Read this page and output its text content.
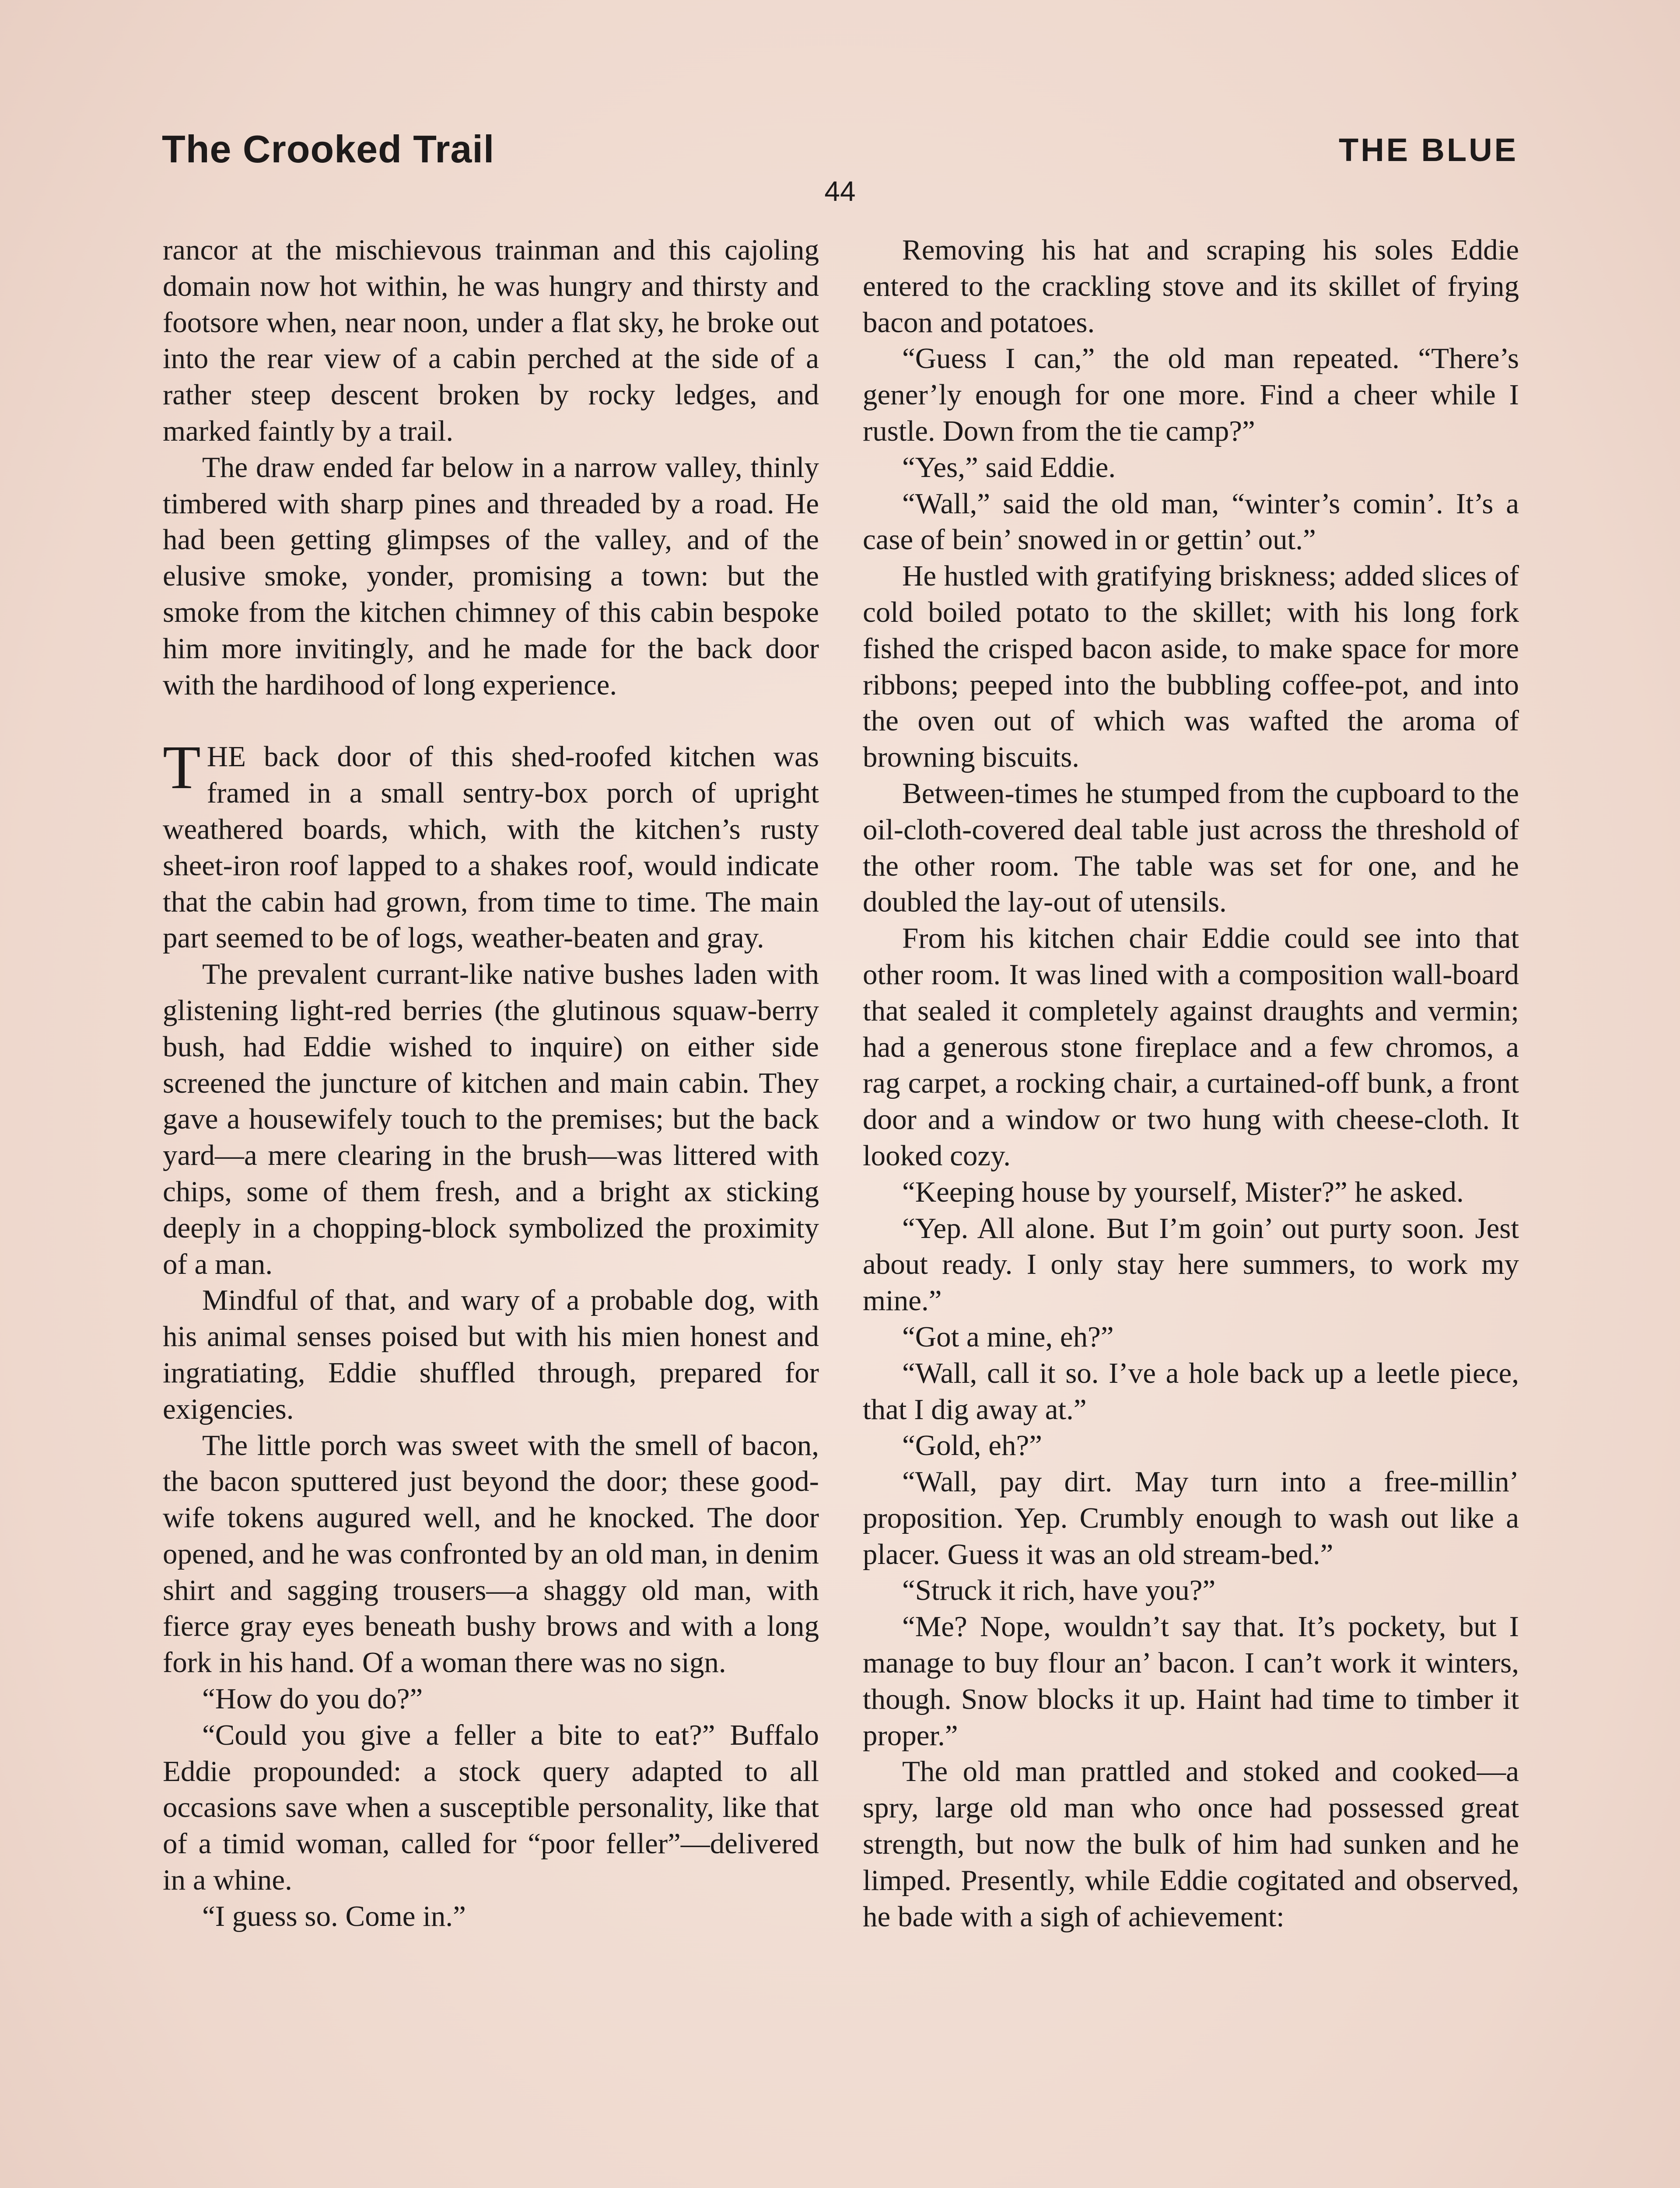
The Crooked Trail	THE BLUE
44

rancor at the mischievous trainman and this cajoling domain now hot within, he was hungry and thirsty and footsore when, near noon, under a flat sky, he broke out into the rear view of a cabin perched at the side of a rather steep descent broken by rocky ledges, and marked faintly by a trail.

The draw ended far below in a narrow valley, thinly timbered with sharp pines and threaded by a road. He had been getting glimpses of the valley, and of the elusive smoke, yonder, promising a town: but the smoke from the kitchen chimney of this cabin bespoke him more invitingly, and he made for the back door with the hardihood of long experience.

THE back door of this shed-roofed kitchen was framed in a small sentry-box porch of upright weathered boards, which, with the kitchen’s rusty sheet-iron roof lapped to a shakes roof, would indicate that the cabin had grown, from time to time. The main part seemed to be of logs, weather-beaten and gray.

The prevalent currant-like native bushes laden with glistening light-red berries (the glutinous squaw-berry bush, had Eddie wished to inquire) on either side screened the juncture of kitchen and main cabin. They gave a housewifely touch to the premises; but the back yard—a mere clearing in the brush—was littered with chips, some of them fresh, and a bright ax sticking deeply in a chopping-block symbolized the proximity of a man.

Mindful of that, and wary of a probable dog, with his animal senses poised but with his mien honest and ingratiating, Eddie shuffled through, prepared for exigencies.

The little porch was sweet with the smell of bacon, the bacon sputtered just beyond the door; these good-wife tokens augured well, and he knocked. The door opened, and he was confronted by an old man, in denim shirt and sagging trousers—a shaggy old man, with fierce gray eyes beneath bushy brows and with a long fork in his hand. Of a woman there was no sign.

“How do you do?”

“Could you give a feller a bite to eat?” Buffalo Eddie propounded: a stock query adapted to all occasions save when a susceptible personality, like that of a timid woman, called for “poor feller”—delivered in a whine.

“I guess so. Come in.”

Removing his hat and scraping his soles Eddie entered to the crackling stove and its skillet of frying bacon and potatoes.

“Guess I can,” the old man repeated. “There’s gener’ly enough for one more. Find a cheer while I rustle. Down from the tie camp?”

“Yes,” said Eddie.

“Wall,” said the old man, “winter’s comin’. It’s a case of bein’ snowed in or gettin’ out.”

He hustled with gratifying briskness; added slices of cold boiled potato to the skillet; with his long fork fished the crisped bacon aside, to make space for more ribbons; peeped into the bubbling coffee-pot, and into the oven out of which was wafted the aroma of browning biscuits.

Between-times he stumped from the cupboard to the oil-cloth-covered deal table just across the threshold of the other room. The table was set for one, and he doubled the lay-out of utensils.

From his kitchen chair Eddie could see into that other room. It was lined with a composition wall-board that sealed it completely against draughts and vermin; had a generous stone fireplace and a few chromos, a rag carpet, a rocking chair, a curtained-off bunk, a front door and a window or two hung with cheese-cloth. It looked cozy.

“Keeping house by yourself, Mister?” he asked.

“Yep. All alone. But I’m goin’ out purty soon. Jest about ready. I only stay here summers, to work my mine.”

“Got a mine, eh?”

“Wall, call it so. I’ve a hole back up a leetle piece, that I dig away at.”

“Gold, eh?”

“Wall, pay dirt. May turn into a free-millin’ proposition. Yep. Crumbly enough to wash out like a placer. Guess it was an old stream-bed.”

“Struck it rich, have you?”

“Me? Nope, wouldn’t say that. It’s pockety, but I manage to buy flour an’ bacon. I can’t work it winters, though. Snow blocks it up. Haint had time to timber it proper.”

The old man prattled and stoked and cooked—a spry, large old man who once had possessed great strength, but now the bulk of him had sunken and he limped. Presently, while Eddie cogitated and observed, he bade with a sigh of achievement:
